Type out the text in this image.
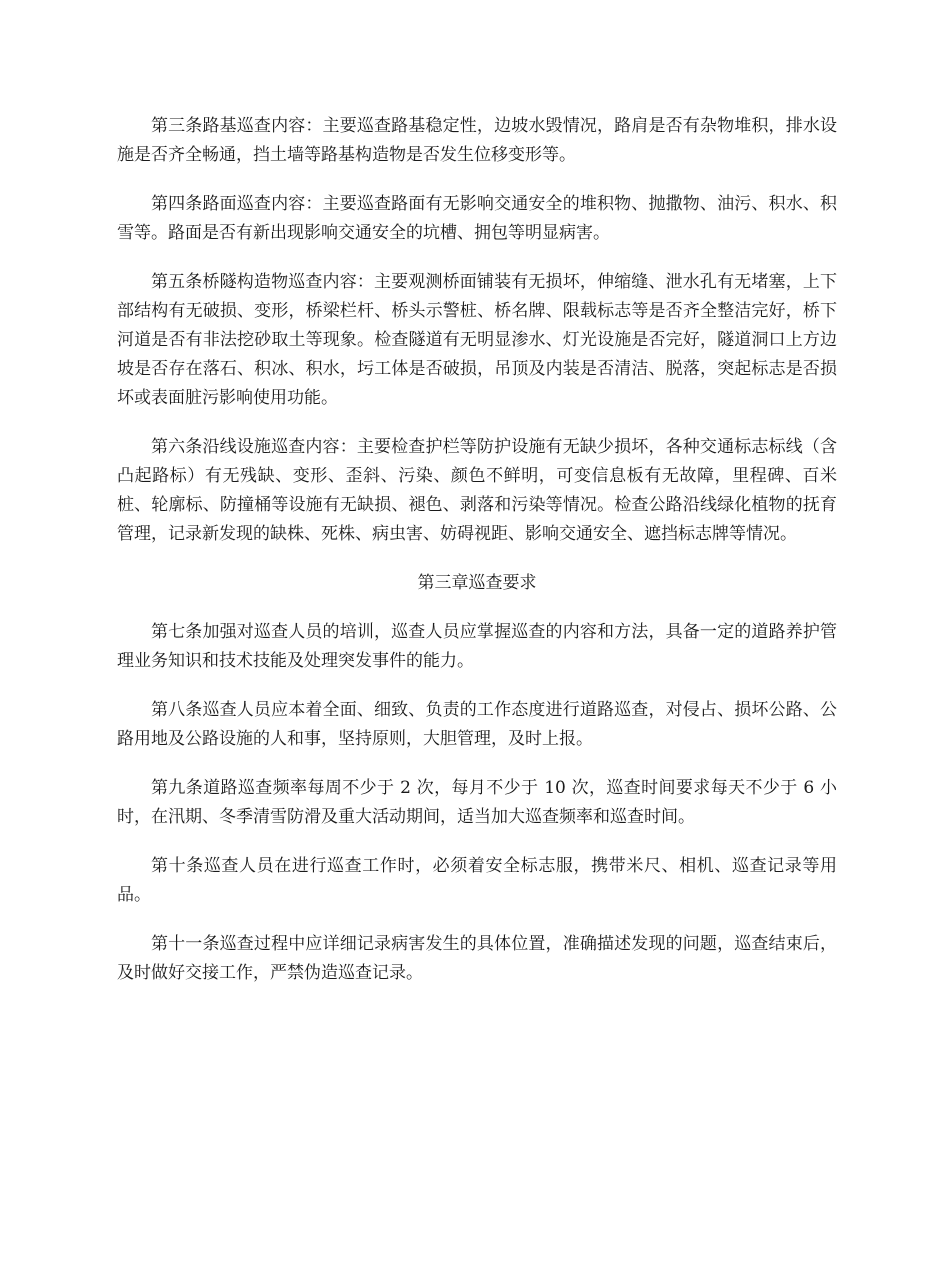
第三条路基巡查内容：主要巡查路基稳定性，边坡水毁情况，路肩是否有杂物堆积，排水设施是否齐全畅通，挡土墙等路基构造物是否发生位移变形等。

第四条路面巡查内容：主要巡查路面有无影响交通安全的堆积物、抛撒物、油污、积水、积雪等。路面是否有新出现影响交通安全的坑槽、拥包等明显病害。

第五条桥隧构造物巡查内容：主要观测桥面铺装有无损坏，伸缩缝、泄水孔有无堵塞，上下部结构有无破损、变形，桥梁栏杆、桥头示警桩、桥名牌、限载标志等是否齐全整洁完好，桥下河道是否有非法挖砂取土等现象。检查隧道有无明显渗水、灯光设施是否完好，隧道洞口上方边坡是否存在落石、积冰、积水，圬工体是否破损，吊顶及内装是否清洁、脱落，突起标志是否损坏或表面脏污影响使用功能。

第六条沿线设施巡查内容：主要检查护栏等防护设施有无缺少损坏，各种交通标志标线（含凸起路标）有无残缺、变形、歪斜、污染、颜色不鲜明，可变信息板有无故障，里程碑、百米桩、轮廓标、防撞桶等设施有无缺损、褪色、剥落和污染等情况。检查公路沿线绿化植物的抚育管理，记录新发现的缺株、死株、病虫害、妨碍视距、影响交通安全、遮挡标志牌等情况。

第三章巡查要求

第七条加强对巡查人员的培训，巡查人员应掌握巡查的内容和方法，具备一定的道路养护管理业务知识和技术技能及处理突发事件的能力。

第八条巡查人员应本着全面、细致、负责的工作态度进行道路巡查，对侵占、损坏公路、公路用地及公路设施的人和事，坚持原则，大胆管理，及时上报。

第九条道路巡查频率每周不少于 2 次，每月不少于 10 次，巡查时间要求每天不少于 6 小时，在汛期、冬季清雪防滑及重大活动期间，适当加大巡查频率和巡查时间。

第十条巡查人员在进行巡查工作时，必须着安全标志服，携带米尺、相机、巡查记录等用品。

第十一条巡查过程中应详细记录病害发生的具体位置，准确描述发现的问题，巡查结束后，及时做好交接工作，严禁伪造巡查记录。
